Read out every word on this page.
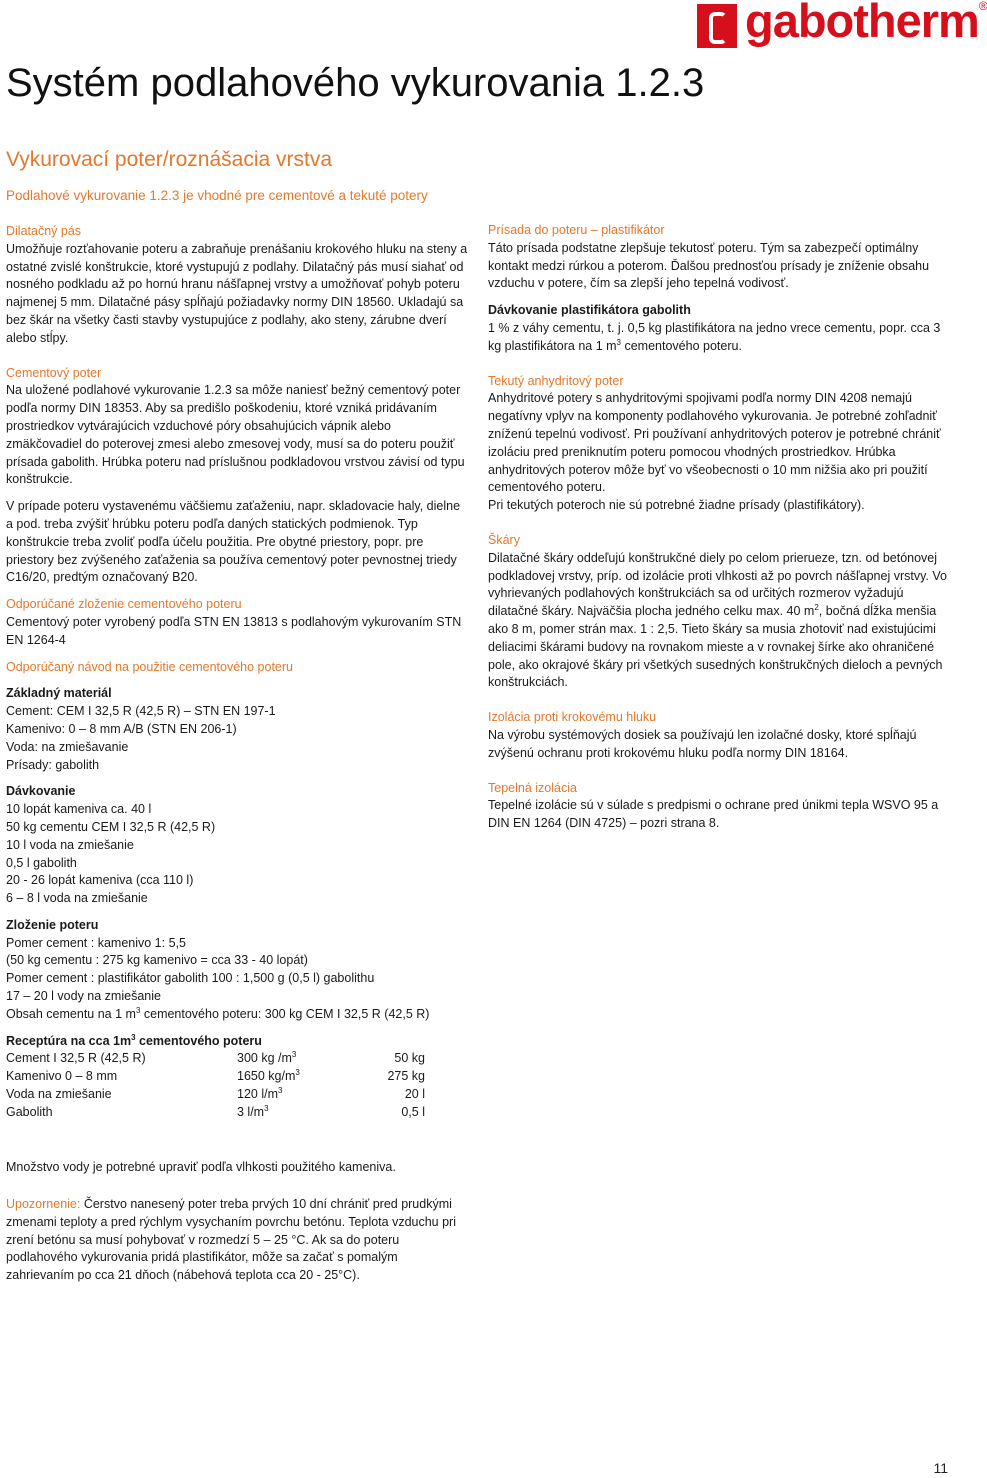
gabotherm®
Systém podlahového vykurovania 1.2.3
Vykurovací poter/roznášacia vrstva
Podlahové vykurovanie 1.2.3 je vhodné pre cementové a tekuté potery

Dilatačný pás

Umožňuje rozťahovanie poteru a zabraňuje prenášaniu krokového hluku na steny a ostatné zvislé konštrukcie, ktoré vystupujú z podlahy. Dilatačný pás musí siahať od nosného podkladu až po hornú hranu nášľapnej vrstvy a umožňovať pohyb poteru najmenej 5 mm. Dilatačné pásy spĺňajú požiadavky normy DIN 18560. Ukladajú sa bez škár na všetky časti stavby vystupujúce z podlahy, ako steny, zárubne dverí alebo stĺpy.

Cementový poter

Na uložené podlahové vykurovanie 1.2.3 sa môže naniesť bežný cementový poter podľa normy DIN 18353. Aby sa predišlo poškodeniu, ktoré vzniká pridávaním prostriedkov vytvárajúcich vzduchové póry obsahujúcich vápnik alebo zmäkčovadiel do poterovej zmesi alebo zmesovej vody, musí sa do poteru použiť prísada gabolith. Hrúbka poteru nad príslušnou podkladovou vrstvou závisí od typu konštrukcie.

V prípade poteru vystavenému väčšiemu zaťaženiu, napr. skladovacie haly, dielne a pod. treba zvýšiť hrúbku poteru podľa daných statických podmienok. Typ konštrukcie treba zvoliť podľa účelu použitia. Pre obytné priestory, popr. pre priestory bez zvýšeného zaťaženia sa používa cementový poter pevnostnej triedy C16/20, predtým označovaný B20.

Odporúčané zloženie cementového poteru

Cementový poter vyrobený podľa STN EN 13813 s podlahovým vykurovaním STN EN 1264-4

Odporúčaný návod na použitie cementového poteru

Základný materiál

Cement: CEM I 32,5 R (42,5 R) – STN EN 197-1

Kamenivo: 0 – 8 mm A/B (STN EN 206-1)

Voda: na zmiešavanie

Prísady: gabolith

Dávkovanie

10 lopát kameniva ca. 40 l

50 kg cementu CEM I 32,5 R (42,5 R)

10 l voda na zmiešanie

0,5 l gabolith

20 - 26 lopát kameniva (cca 110 l)

6 – 8 l voda na zmiešanie

Zloženie poteru

Pomer cement : kamenivo 1: 5,5

(50 kg cementu : 275 kg kamenivo = cca 33 - 40 lopát)

Pomer cement : plastifikátor gabolith 100 : 1,500 g (0,5 l) gabolithu

17 – 20 l vody na zmiešanie

Obsah cementu na 1 $m^3$ cementového poteru: 300 kg CEM I 32,5 R (42,5 R)

Receptúra na cca $1m^3$ cementového poteru

Cement I 32,5 R (42,5 R)	300 kg $/m^3$	50 kg
Kamenivo 0 – 8 mm	1650 $kg/m^3$	275 kg
Voda na zmiešanie	120 $l/m^3$	20 l
Gabolith	3 $l/m^3$	0,5 l
Množstvo vody je potrebné upraviť podľa vlhkosti použitého kameniva.
Upozornenie: Čerstvo nanesený poter treba prvých 10 dní chrániť pred prudkými zmenami teploty a pred rýchlym vysychaním povrchu betónu. Teplota vzduchu pri zrení betónu sa musí pohybovať v rozmedzí 5 – 25 °C. Ak sa do poteru podlahového vykurovania pridá plastifikátor, môže sa začať s pomalým zahrievaním po cca 21 dňoch (nábehová teplota cca 20 - 25°C).

Prísada do poteru – plastifikátor

Táto prísada podstatne zlepšuje tekutosť poteru. Tým sa zabezpečí optimálny kontakt medzi rúrkou a poterom. Ďalšou prednosťou prísady je zníženie obsahu vzduchu v potere, čím sa zlepší jeho tepelná vodivosť.

Dávkovanie plastifikátora gabolith

1 % z váhy cementu, t. j. 0,5 kg plastifikátora na jedno vrece cementu, popr. cca 3 kg plastifikátora na 1 $m^3$ cementového poteru.

Tekutý anhydritový poter

Anhydritové potery s anhydritovými spojivami podľa normy DIN 4208 nemajú negatívny vplyv na komponenty podlahového vykurovania. Je potrebné zohľadniť zníženú tepelnú vodivosť. Pri používaní anhydritových poterov je potrebné chrániť izoláciu pred preniknutím poteru pomocou vhodných prostriedkov. Hrúbka anhydritových poterov môže byť vo všeobecnosti o 10 mm nižšia ako pri použití cementového poteru.

Pri tekutých poteroch nie sú potrebné žiadne prísady (plastifikátory).

Škáry

Dilatačné škáry oddeľujú konštrukčné diely po celom prierueze, tzn. od betónovej podkladovej vrstvy, príp. od izolácie proti vlhkosti až po povrch nášľapnej vrstvy. Vo vyhrievaných podlahových konštrukciách sa od určitých rozmerov vyžadujú dilatačné škáry. Najväčšia plocha jedného celku max. 40 $m^2$, bočná dĺžka menšia ako 8 m, pomer strán max. 1 : 2,5. Tieto škáry sa musia zhotoviť nad existujúcimi deliacimi škárami budovy na rovnakom mieste a v rovnakej šírke ako ohraničené pole, ako okrajové škáry pri všetkých susedných konštrukčných dieloch a pevných konštrukciách.

Izolácia proti krokovému hluku

Na výrobu systémových dosiek sa používajú len izolačné dosky, ktoré spĺňajú zvýšenú ochranu proti krokovému hluku podľa normy DIN 18164.

Tepelná izolácia

Tepelné izolácie sú v súlade s predpismi o ochrane pred únikmi tepla WSVO 95 a DIN EN 1264 (DIN 4725) – pozri strana 8.

11
